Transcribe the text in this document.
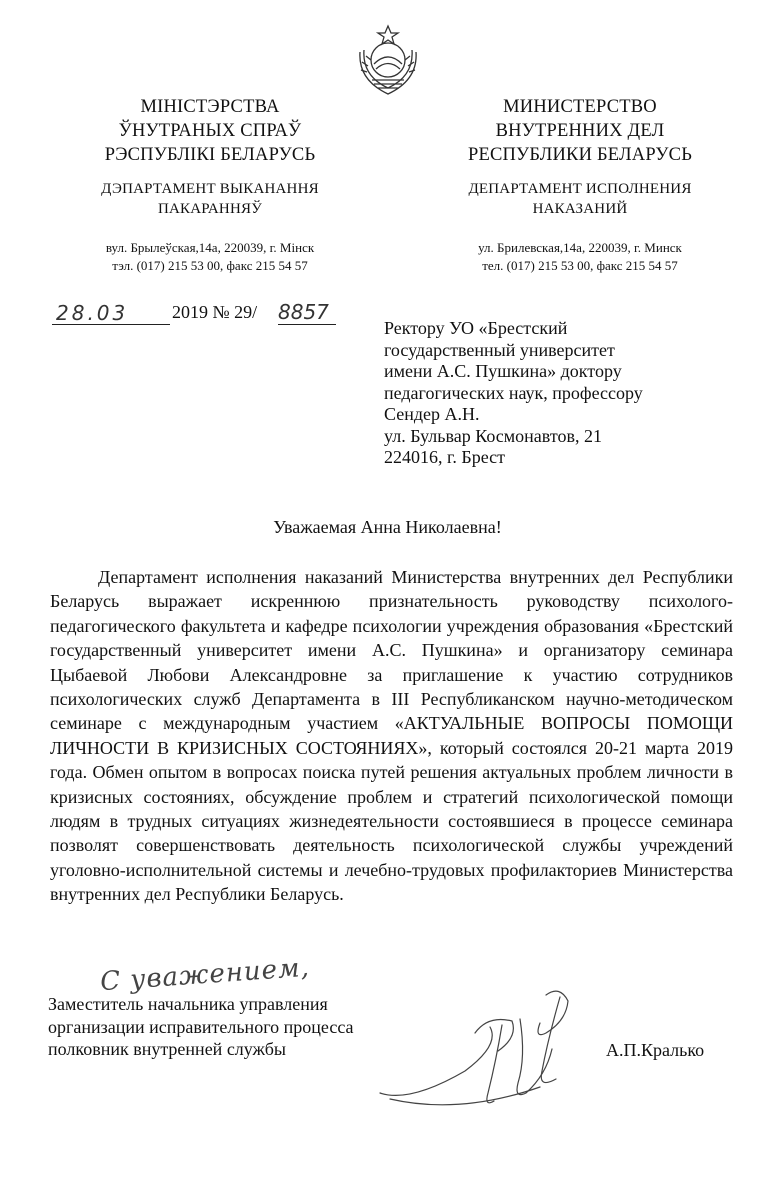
МІНІСТЭРСТВА
ЎНУТРАНЫХ СПРАЎ
РЭСПУБЛІКІ БЕЛАРУСЬ
ДЭПАРТАМЕНТ ВЫКАНАННЯ
ПАКАРАННЯЎ
вул. Брылеўская,14а, 220039, г. Мінск
тэл. (017) 215 53 00, факс 215 54 57
МИНИСТЕРСТВО
ВНУТРЕННИХ ДЕЛ
РЕСПУБЛИКИ БЕЛАРУСЬ
ДЕПАРТАМЕНТ ИСПОЛНЕНИЯ
НАКАЗАНИЙ
ул. Брилевская,14а, 220039, г. Минск
тел. (017) 215 53 00, факс 215 54 57
28.03 2019 № 29/ 8857
Ректору УО «Брестский
государственный университет
имени А.С. Пушкина» доктору
педагогических наук, профессору
Сендер А.Н.
ул. Бульвар Космонавтов, 21
224016, г. Брест
Уважаемая Анна Николаевна!
Департамент исполнения наказаний Министерства внутренних дел Республики Беларусь выражает искреннюю признательность руководству психолого-педагогического факультета и кафедре психологии учреждения образования «Брестский государственный университет имени А.С. Пушкина» и организатору семинара Цыбаевой Любови Александровне за приглашение к участию сотрудников психологических служб Департамента в III Республиканском научно-методическом семинаре с международным участием «АКТУАЛЬНЫЕ ВОПРОСЫ ПОМОЩИ ЛИЧНОСТИ В КРИЗИСНЫХ СОСТОЯНИЯХ», который состоялся 20-21 марта 2019 года. Обмен опытом в вопросах поиска путей решения актуальных проблем личности в кризисных состояниях, обсуждение проблем и стратегий психологической помощи людям в трудных ситуациях жизнедеятельности состоявшиеся в процессе семинара позволят совершенствовать деятельность психологической службы учреждений уголовно-исполнительной системы и лечебно-трудовых профилакториев Министерства внутренних дел Республики Беларусь.
С уважением,
Заместитель начальника управления
организации исправительного процесса
полковник внутренней службы	А.П.Кралько
